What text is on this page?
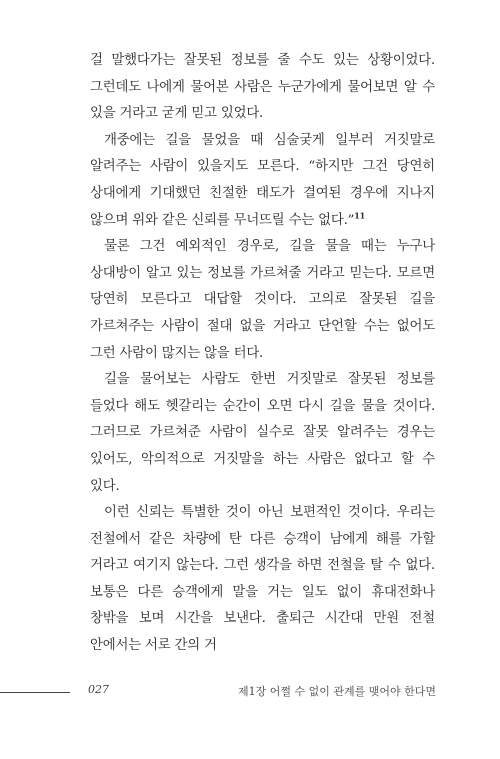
걸 말했다가는 잘못된 정보를 줄 수도 있는 상황이었다. 그런데도 나에게 물어본 사람은 누군가에게 물어보면 알 수 있을 거라고 굳게 믿고 있었다.

개중에는 길을 물었을 때 심술궂게 일부러 거짓말로 알려주는 사람이 있을지도 모른다. “하지만 그건 당연히 상대에게 기대했던 친절한 태도가 결여된 경우에 지나지 않으며 위와 같은 신뢰를 무너뜨릴 수는 없다.”$^{11}$

물론 그건 예외적인 경우로, 길을 물을 때는 누구나 상대방이 알고 있는 정보를 가르쳐줄 거라고 믿는다. 모르면 당연히 모른다고 대답할 것이다. 고의로 잘못된 길을 가르쳐주는 사람이 절대 없을 거라고 단언할 수는 없어도 그런 사람이 많지는 않을 터다.

길을 물어보는 사람도 한번 거짓말로 잘못된 정보를 들었다 해도 헷갈리는 순간이 오면 다시 길을 물을 것이다. 그러므로 가르쳐준 사람이 실수로 잘못 알려주는 경우는 있어도, 악의적으로 거짓말을 하는 사람은 없다고 할 수 있다.

이런 신뢰는 특별한 것이 아닌 보편적인 것이다. 우리는 전철에서 같은 차량에 탄 다른 승객이 남에게 해를 가할 거라고 여기지 않는다. 그런 생각을 하면 전철을 탈 수 없다. 보통은 다른 승객에게 말을 거는 일도 없이 휴대전화나 창밖을 보며 시간을 보낸다. 출퇴근 시간대 만원 전철 안에서는 서로 간의 거

027	제1장 어쩔 수 없이 관계를 맺어야 한다면
